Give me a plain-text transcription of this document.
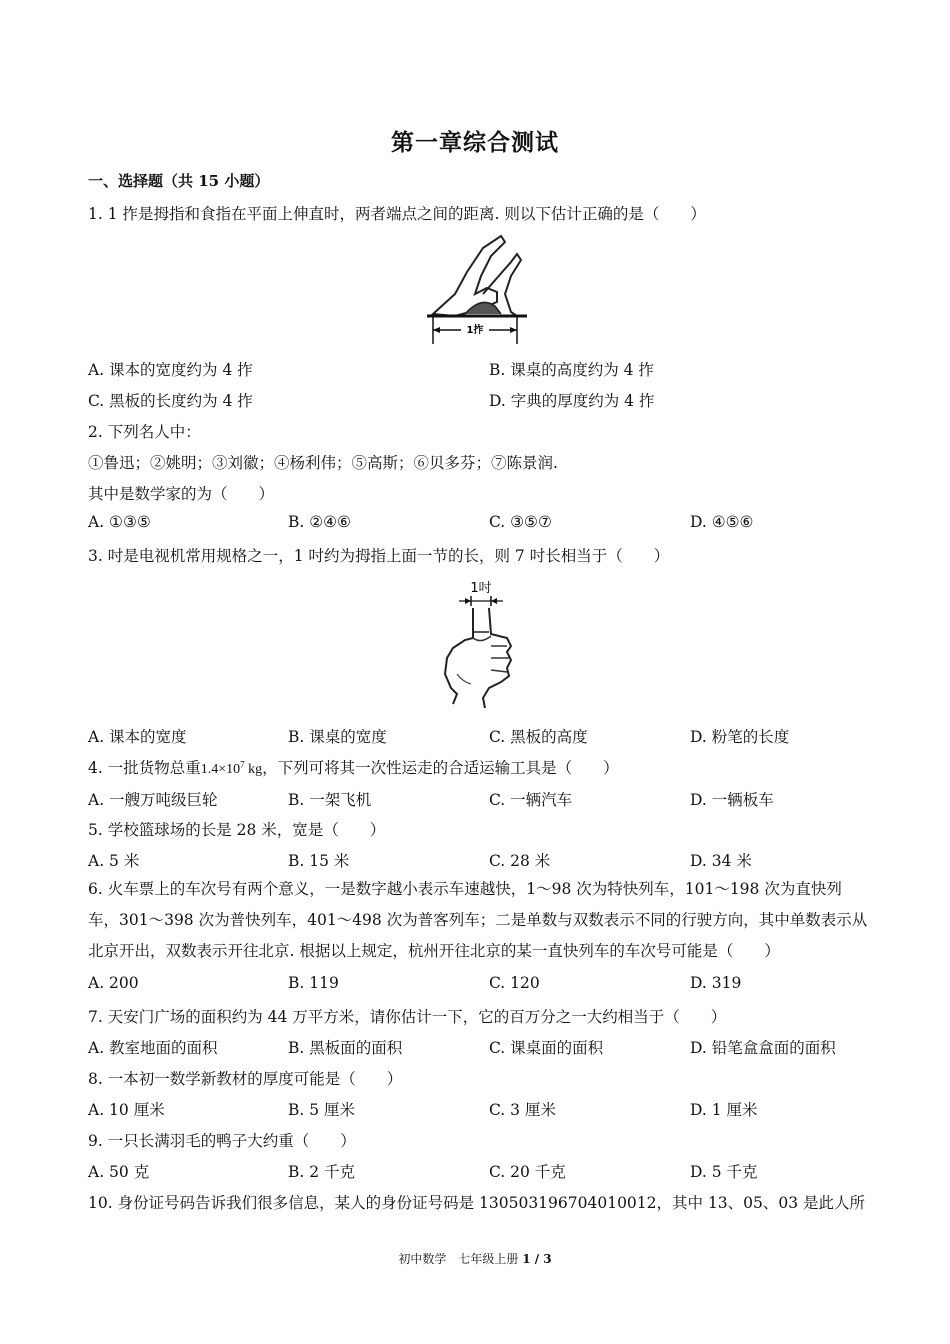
第一章综合测试
一、选择题（共 15 小题）
1. 1 拃是拇指和食指在平面上伸直时，两者端点之间的距离. 则以下估计正确的是（　　）
1拃
A. 课本的宽度约为 4 拃	B. 课桌的高度约为 4 拃
C. 黑板的长度约为 4 拃	D. 字典的厚度约为 4 拃
2. 下列名人中：
①鲁迅；②姚明；③刘徽；④杨利伟；⑤高斯；⑥贝多芬；⑦陈景润.
其中是数学家的为（　　）
A. ①③⑤	B. ②④⑥	C. ③⑤⑦	D. ④⑤⑥
3. 吋是电视机常用规格之一，1 吋约为拇指上面一节的长，则 7 吋长相当于（　　）
1吋
A. 课本的宽度	B. 课桌的宽度	C. 黑板的高度	D. 粉笔的长度
4. 一批货物总重$1.4\times 10^7$ kg，下列可将其一次性运走的合适运输工具是（　　）
A. 一艘万吨级巨轮	B. 一架飞机	C. 一辆汽车	D. 一辆板车
5. 学校篮球场的长是 28 米，宽是（　　）
A. 5 米	B. 15 米	C. 28 米	D. 34 米
6. 火车票上的车次号有两个意义，一是数字越小表示车速越快，1～98 次为特快列车，101～198 次为直快列车，301～398 次为普快列车，401～498 次为普客列车；二是单数与双数表示不同的行驶方向，其中单数表示从北京开出，双数表示开往北京. 根据以上规定，杭州开往北京的某一直快列车的车次号可能是（　　）
A. 200	B. 119	C. 120	D. 319
7. 天安门广场的面积约为 44 万平方米，请你估计一下，它的百万分之一大约相当于（　　）
A. 教室地面的面积	B. 黑板面的面积	C. 课桌面的面积	D. 铅笔盒盒面的面积
8. 一本初一数学新教材的厚度可能是（　　）
A. 10 厘米	B. 5 厘米	C. 3 厘米	D. 1 厘米
9. 一只长满羽毛的鸭子大约重（　　）
A. 50 克	B. 2 千克	C. 20 千克	D. 5 千克
10. 身份证号码告诉我们很多信息，某人的身份证号码是 130503196704010012，其中 13、05、03 是此人所
初中数学　七年级上册 1 / 3
